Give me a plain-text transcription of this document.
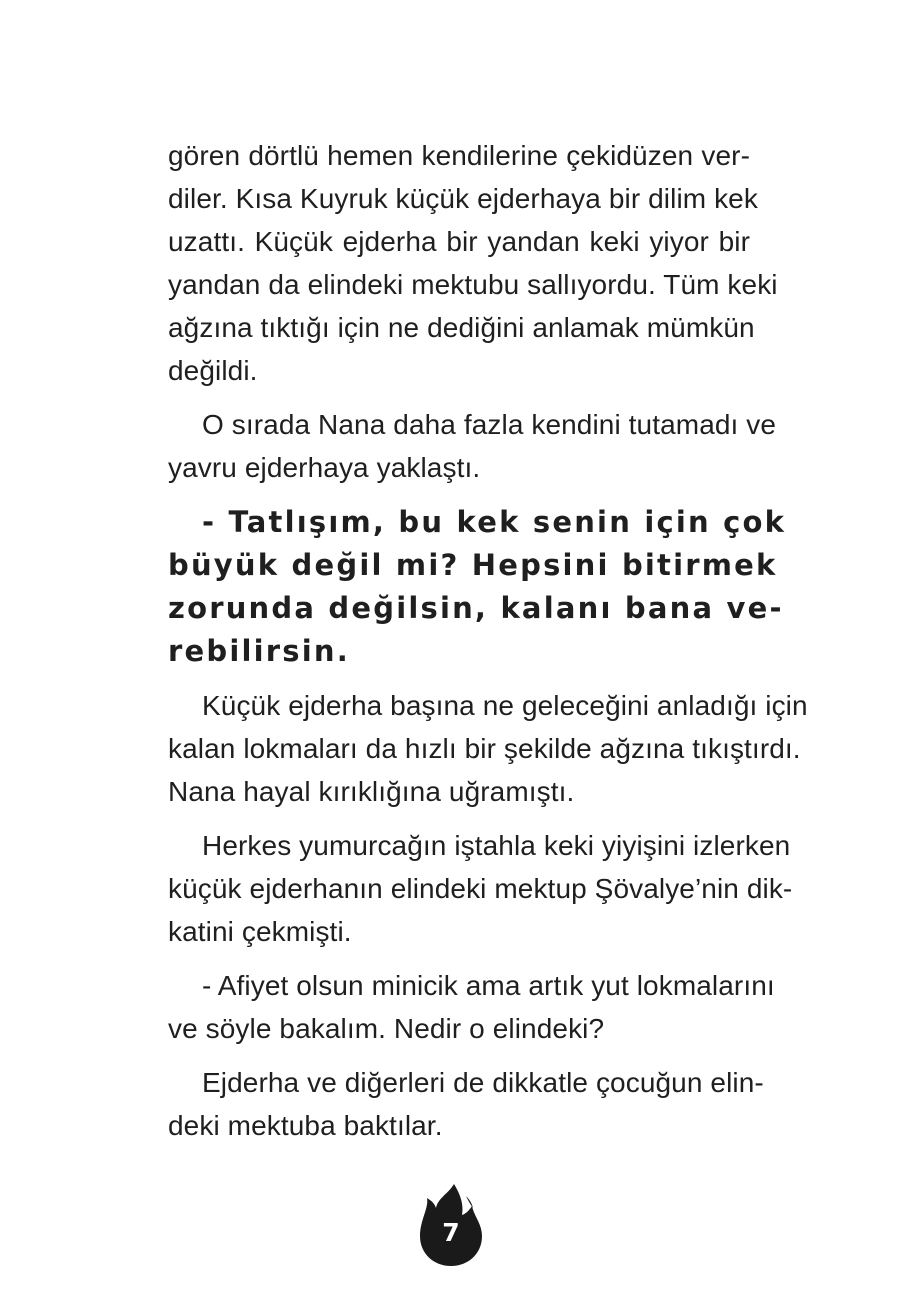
gören dörtlü hemen kendilerine çekidüzen ver-
diler. Kısa Kuyruk küçük ejderhaya bir dilim kek
uzattı. Küçük ejderha bir yandan keki yiyor bir
yandan da elindeki mektubu sallıyordu. Tüm keki
ağzına tıktığı için ne dediğini anlamak mümkün
değildi.
O sırada Nana daha fazla kendini tutamadı ve
yavru ejderhaya yaklaştı.
- Tatlışım, bu kek senin için çok
büyük değil mi? Hepsini bitirmek
zorunda değilsin, kalanı bana ve-
rebilirsin.
Küçük ejderha başına ne geleceğini anladığı için
kalan lokmaları da hızlı bir şekilde ağzına tıkıştırdı.
Nana hayal kırıklığına uğramıştı.
Herkes yumurcağın iştahla keki yiyişini izlerken
küçük ejderhanın elindeki mektup Şövalye’nin dik-
katini çekmişti.
- Afiyet olsun minicik ama artık yut lokmalarını
ve söyle bakalım. Nedir o elindeki?
Ejderha ve diğerleri de dikkatle çocuğun elin-
deki mektuba baktılar.
7
